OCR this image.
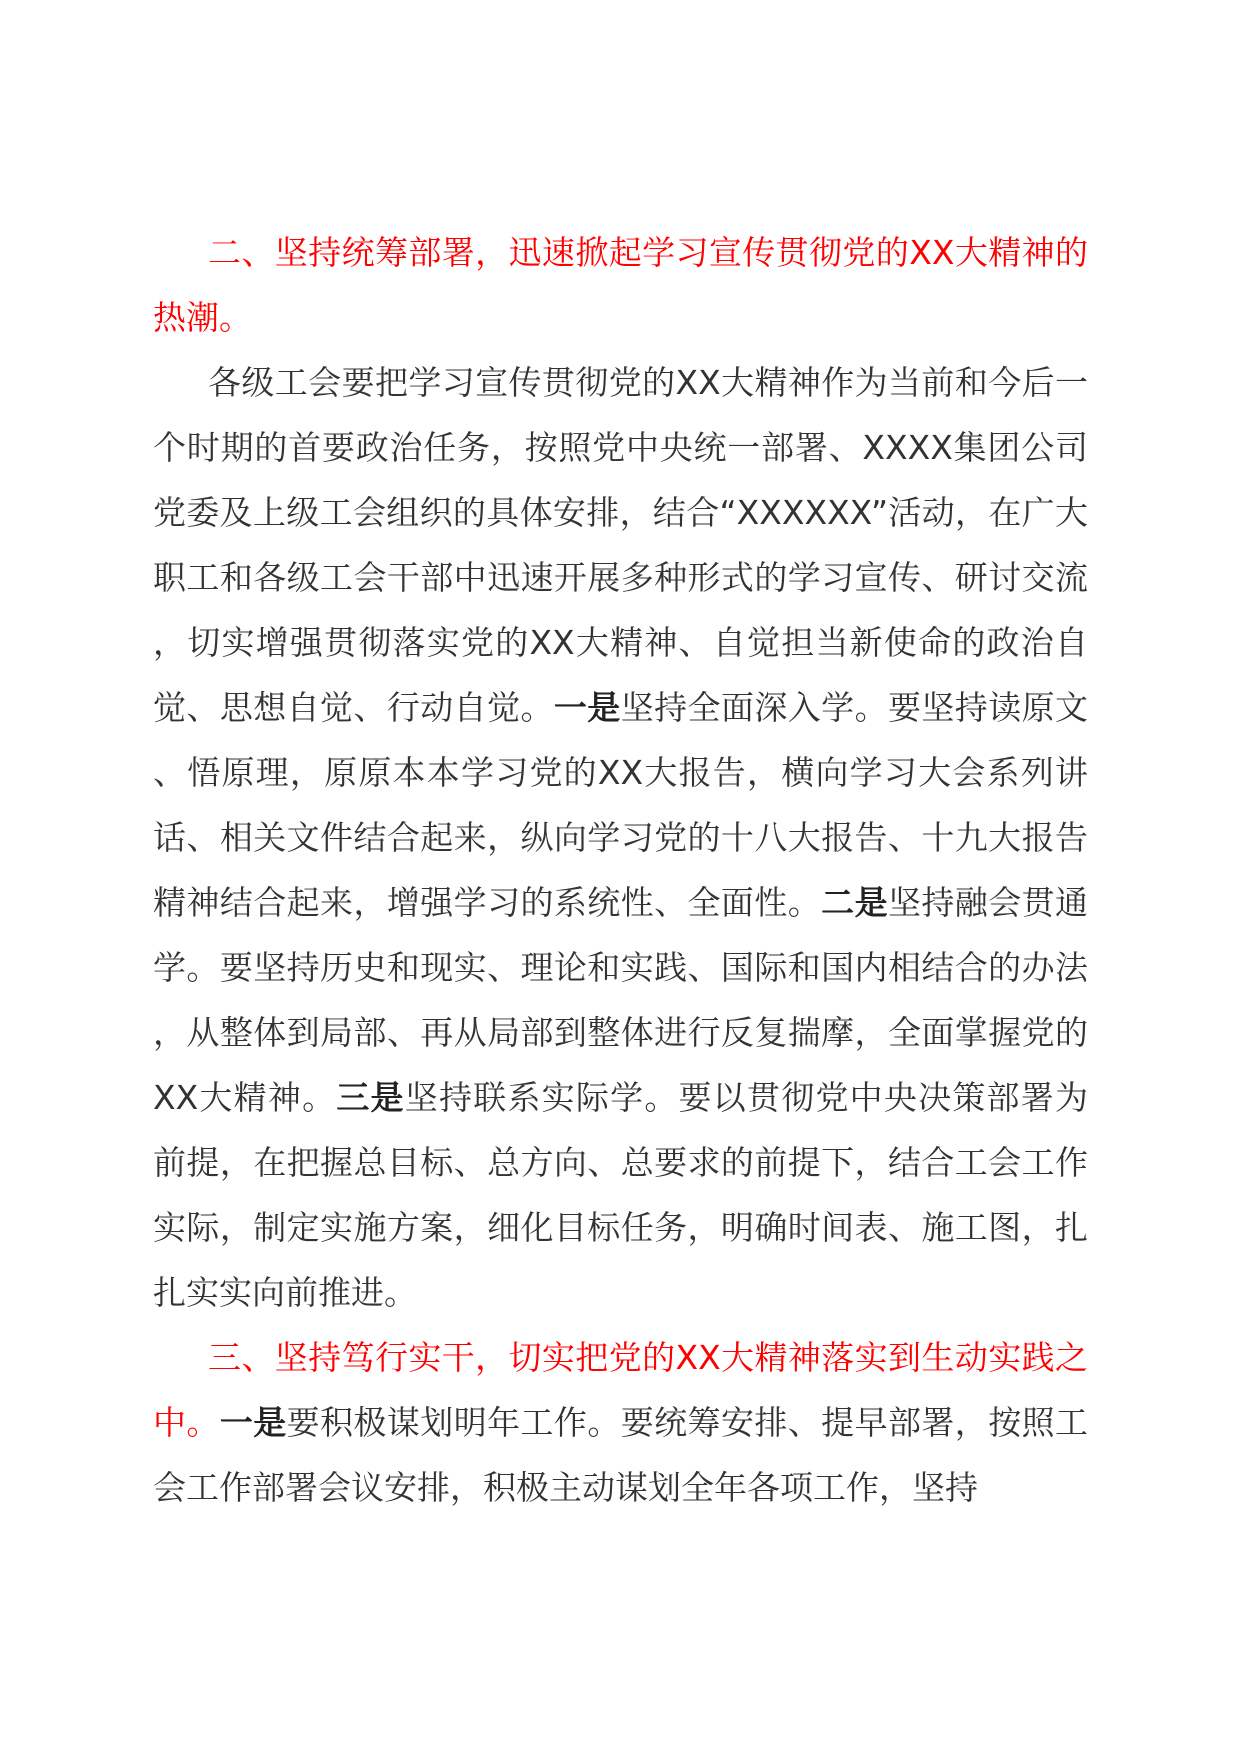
二、坚持统筹部署，迅速掀起学习宣传贯彻党的XX大精神的热潮。

各级工会要把学习宣传贯彻党的XX大精神作为当前和今后一个时期的首要政治任务，按照党中央统一部署、XXXX集团公司党委及上级工会组织的具体安排，结合“XXXXXX”活动，在广大职工和各级工会干部中迅速开展多种形式的学习宣传、研讨交流，切实增强贯彻落实党的XX大精神、自觉担当新使命的政治自觉、思想自觉、行动自觉。一是坚持全面深入学。要坚持读原文、悟原理，原原本本学习党的XX大报告，横向学习大会系列讲话、相关文件结合起来，纵向学习党的十八大报告、十九大报告精神结合起来，增强学习的系统性、全面性。二是坚持融会贯通学。要坚持历史和现实、理论和实践、国际和国内相结合的办法，从整体到局部、再从局部到整体进行反复揣摩，全面掌握党的XX大精神。三是坚持联系实际学。要以贯彻党中央决策部署为前提，在把握总目标、总方向、总要求的前提下，结合工会工作实际，制定实施方案，细化目标任务，明确时间表、施工图，扎扎实实向前推进。

三、坚持笃行实干，切实把党的XX大精神落实到生动实践之中。一是要积极谋划明年工作。要统筹安排、提早部署，按照工会工作部署会议安排，积极主动谋划全年各项工作，坚持
